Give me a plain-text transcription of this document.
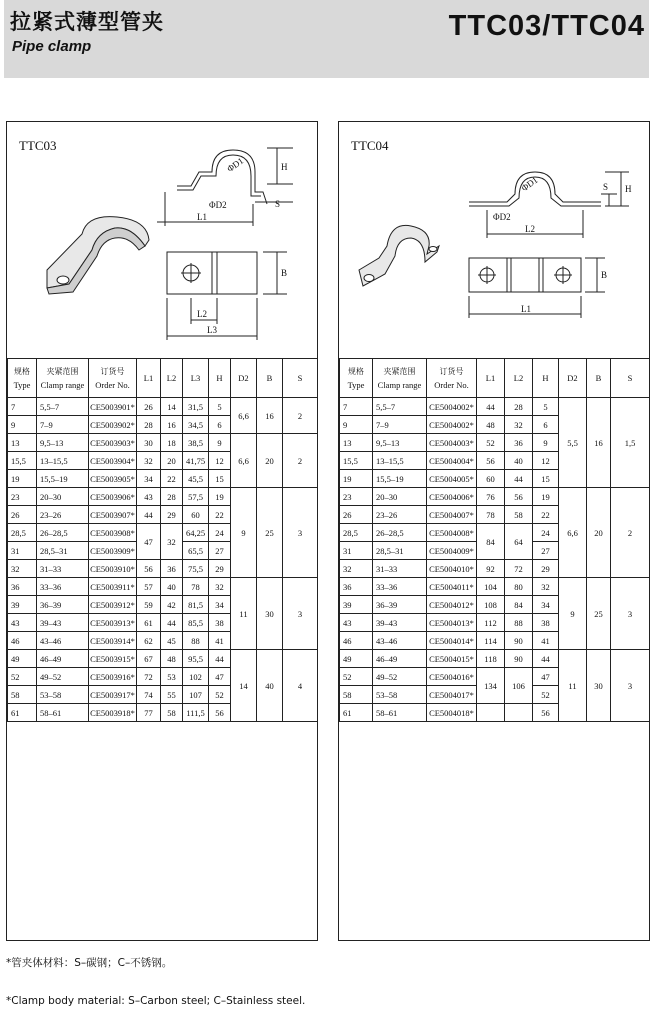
拉紧式薄型管夹
Pipe clamp
TTC03/TTC04
TTC03
H
ΦD1
ΦD2	S
L1
B
L2
L3
规格
Type	夹紧范围
Clamp range	订货号
Order No.	L1	L2	L3	H	D2	B	S
7	5,5–7	CE5003901*	26	14	31,5	5	6,6	16	2
9	7–9	CE5003902*	28	16	34,5	6			
13	9,5–13	CE5003903*	30	18	38,5	9	6,6	20	2
15,5	13–15,5	CE5003904*	32	20	41,75	12			
19	15,5–19	CE5003905*	34	22	45,5	15			
23	20–30	CE5003906*	43	28	57,5	19	9	25	3
26	23–26	CE5003907*	44	29	60	22			
28,5	26–28,5	CE5003908*	47	32	64,25	24			
31	28,5–31	CE5003909*			65,5	27			
32	31–33	CE5003910*	56	36	75,5	29			
36	33–36	CE5003911*	57	40	78	32	11	30	3
39	36–39	CE5003912*	59	42	81,5	34			
43	39–43	CE5003913*	61	44	85,5	38			
46	43–46	CE5003914*	62	45	88	41			
49	46–49	CE5003915*	67	48	95,5	44	14	40	4
52	49–52	CE5003916*	72	53	102	47			
58	53–58	CE5003917*	74	55	107	52			
61	58–61	CE5003918*	77	58	111,5	56			
TTC04
H
ΦD1
ΦD2
S
L2
B
L1
规格
Type	夹紧范围
Clamp range	订货号
Order No.	L1	L2	H	D2	B	S
7	5,5–7	CE5004002*	44	28	5	5,5	16	1,5
9	7–9	CE5004002*	48	32	6			
13	9,5–13	CE5004003*	52	36	9			
15,5	13–15,5	CE5004004*	56	40	12			
19	15,5–19	CE5004005*	60	44	15			
23	20–30	CE5004006*	76	56	19	6,6	20	2
26	23–26	CE5004007*	78	58	22			
28,5	26–28,5	CE5004008*	84	64	24			
31	28,5–31	CE5004009*			27			
32	31–33	CE5004010*	92	72	29			
36	33–36	CE5004011*	104	80	32	9	25	3
39	36–39	CE5004012*	108	84	34			
43	39–43	CE5004013*	112	88	38			
46	43–46	CE5004014*	114	90	41			
49	46–49	CE5004015*	118	90	44	11	30	3
52	49–52	CE5004016*	134	106	47			
58	53–58	CE5004017*			52			
61	58–61	CE5004018*			56			
*管夹体材料：S–碳钢；C–不锈钢。
*Clamp body material: S–Carbon steel; C–Stainless steel.
